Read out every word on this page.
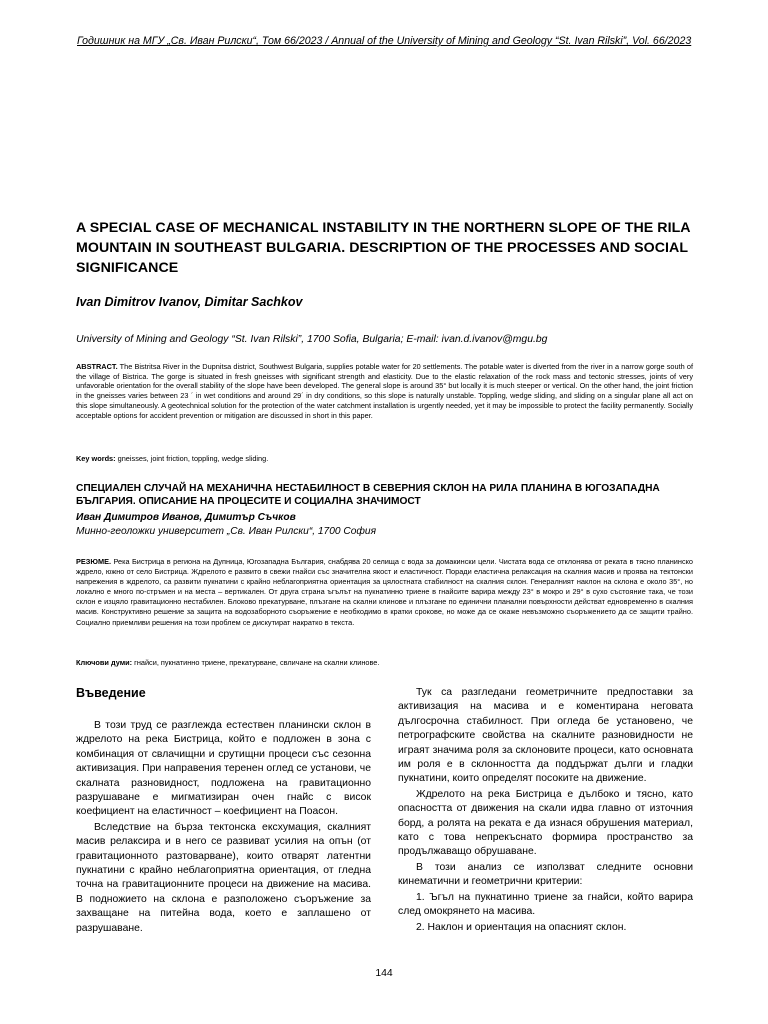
Годишник на МГУ „Св. Иван Рилски“, Том 66/2023 / Annual of the University of Mining and Geology “St. Ivan Rilski”, Vol. 66/2023
A SPECIAL CASE OF MECHANICAL INSTABILITY IN THE NORTHERN SLOPE OF THE RILA MOUNTAIN IN SOUTHEAST BULGARIA. DESCRIPTION OF THE PROCESSES AND SOCIAL SIGNIFICANCE
Ivan Dimitrov Ivanov, Dimitar Sachkov
University of Mining and Geology “St. Ivan Rilski”, 1700 Sofia, Bulgaria; E-mail: ivan.d.ivanov@mgu.bg
ABSTRACT. The Bistritsa River in the Dupnitsa district, Southwest Bulgaria, supplies potable water for 20 settlements. The potable water is diverted from the river in a narrow gorge south of the village of Bistrica. The gorge is situated in fresh gneisses with significant strength and elasticity. Due to the elastic relaxation of the rock mass and tectonic stresses, joints of very unfavorable orientation for the overall stability of the slope have been developed. The general slope is around 35° but locally it is much steeper or vertical. On the other hand, the joint friction in the gneisses varies between 23 ´ in wet conditions and around 29´ in dry conditions, so this slope is naturally unstable. Toppling, wedge sliding, and sliding on a singular plane all act on this slope simultaneously. A geotechnical solution for the protection of the water catchment installation is urgently needed, yet it may be impossible to protect the facility permanently. Socially acceptable options for accident prevention or mitigation are discussed in short in this paper.
Key words: gneisses, joint friction, toppling, wedge sliding.
СПЕЦИАЛЕН СЛУЧАЙ НА МЕХАНИЧНА НЕСТАБИЛНОСТ В СЕВЕРНИЯ СКЛОН НА РИЛА ПЛАНИНА В ЮГОЗАПАДНА БЪЛГАРИЯ. ОПИСАНИЕ НА ПРОЦЕСИТЕ И СОЦИАЛНА ЗНАЧИМОСТ
Иван Димитров Иванов, Димитър Съчков
Минно-геоложки университет „Св. Иван Рилски“, 1700 София
РЕЗЮМЕ. Река Бистрица в региона на Дупница, Югозападна България, снабдява 20 селища с вода за домакински цели. Чистата вода се отклонява от реката в тясно планинско ждрело, южно от село Бистрица. Ждрелото е развито в свежи гнайси със значителна якост и еластичност. Поради еластична релаксация на скалния масив и проява на тектонски напрежения в ждрелото, са развити пукнатини с крайно неблагоприятна ориентация за цялостната стабилност на скалния склон. Генералният наклон на склона е около 35°, но локално е много по-стръмен и на места – вертикален. От друга страна ъгълът на пукнатинно триене в гнайсите варира между 23° в мокро и 29° в сухо състояние така, че този склон е изцяло гравитационно нестабилен. Блоково прекатурване, плъзгане на скални клинове и плъзгане по единични планални повърхности действат едновременно в скалния масив. Конструктивно решение за защита на водозаборното съоръжение е необходимо в кратки срокове, но може да се окаже невъзможно съоръжението да се защити трайно. Социално приемливи решения на този проблем се дискутират накратко в текста.
Ключови думи: гнайси, пукнатинно триене, прекатурване, свличане на скални клинове.
Въведение

В този труд се разглежда естествен планински склон в ждрелото на река Бистрица, който е подложен в зона с комбинация от свлачищни и срутищни процеси със сезонна активизация. При направения теренен оглед се установи, че скалната разновидност, подложена на гравитационно разрушаване е мигматизиран очен гнайс с висок коефициент на еластичност – коефициент на Поасон.

Вследствие на бърза тектонска ексхумация, скалният масив релаксира и в него се развиват усилия на опън (от гравитационното разтоварване), които отварят латентни пукнатини с крайно неблагоприятна ориентация, от гледна точна на гравитационните процеси на движение на масива. В подножието на склона е разположено съоръжение за захващане на питейна вода, което е заплашено от разрушаване.

Тук са разгледани геометричните предпоставки за активизация на масива и е коментирана неговата дългосрочна стабилност. При огледа бе установено, че петрографските свойства на скалните разновидности не играят значима роля за склоновите процеси, като основната им роля е в склонността да поддържат дълги и гладки пукнатини, които определят посоките на движение.

Ждрелото на река Бистрица е дълбоко и тясно, като опасността от движения на скали идва главно от източния борд, а ролята на реката е да изнася обрушения материал, като с това непрекъснато формира пространство за продължаващо обрушаване.

В този анализ се използват следните основни кинематични и геометрични критерии:

1. Ъгъл на пукнатинно триене за гнайси, който варира след омокрянето на масива.

2. Наклон и ориентация на опасният склон.

144
